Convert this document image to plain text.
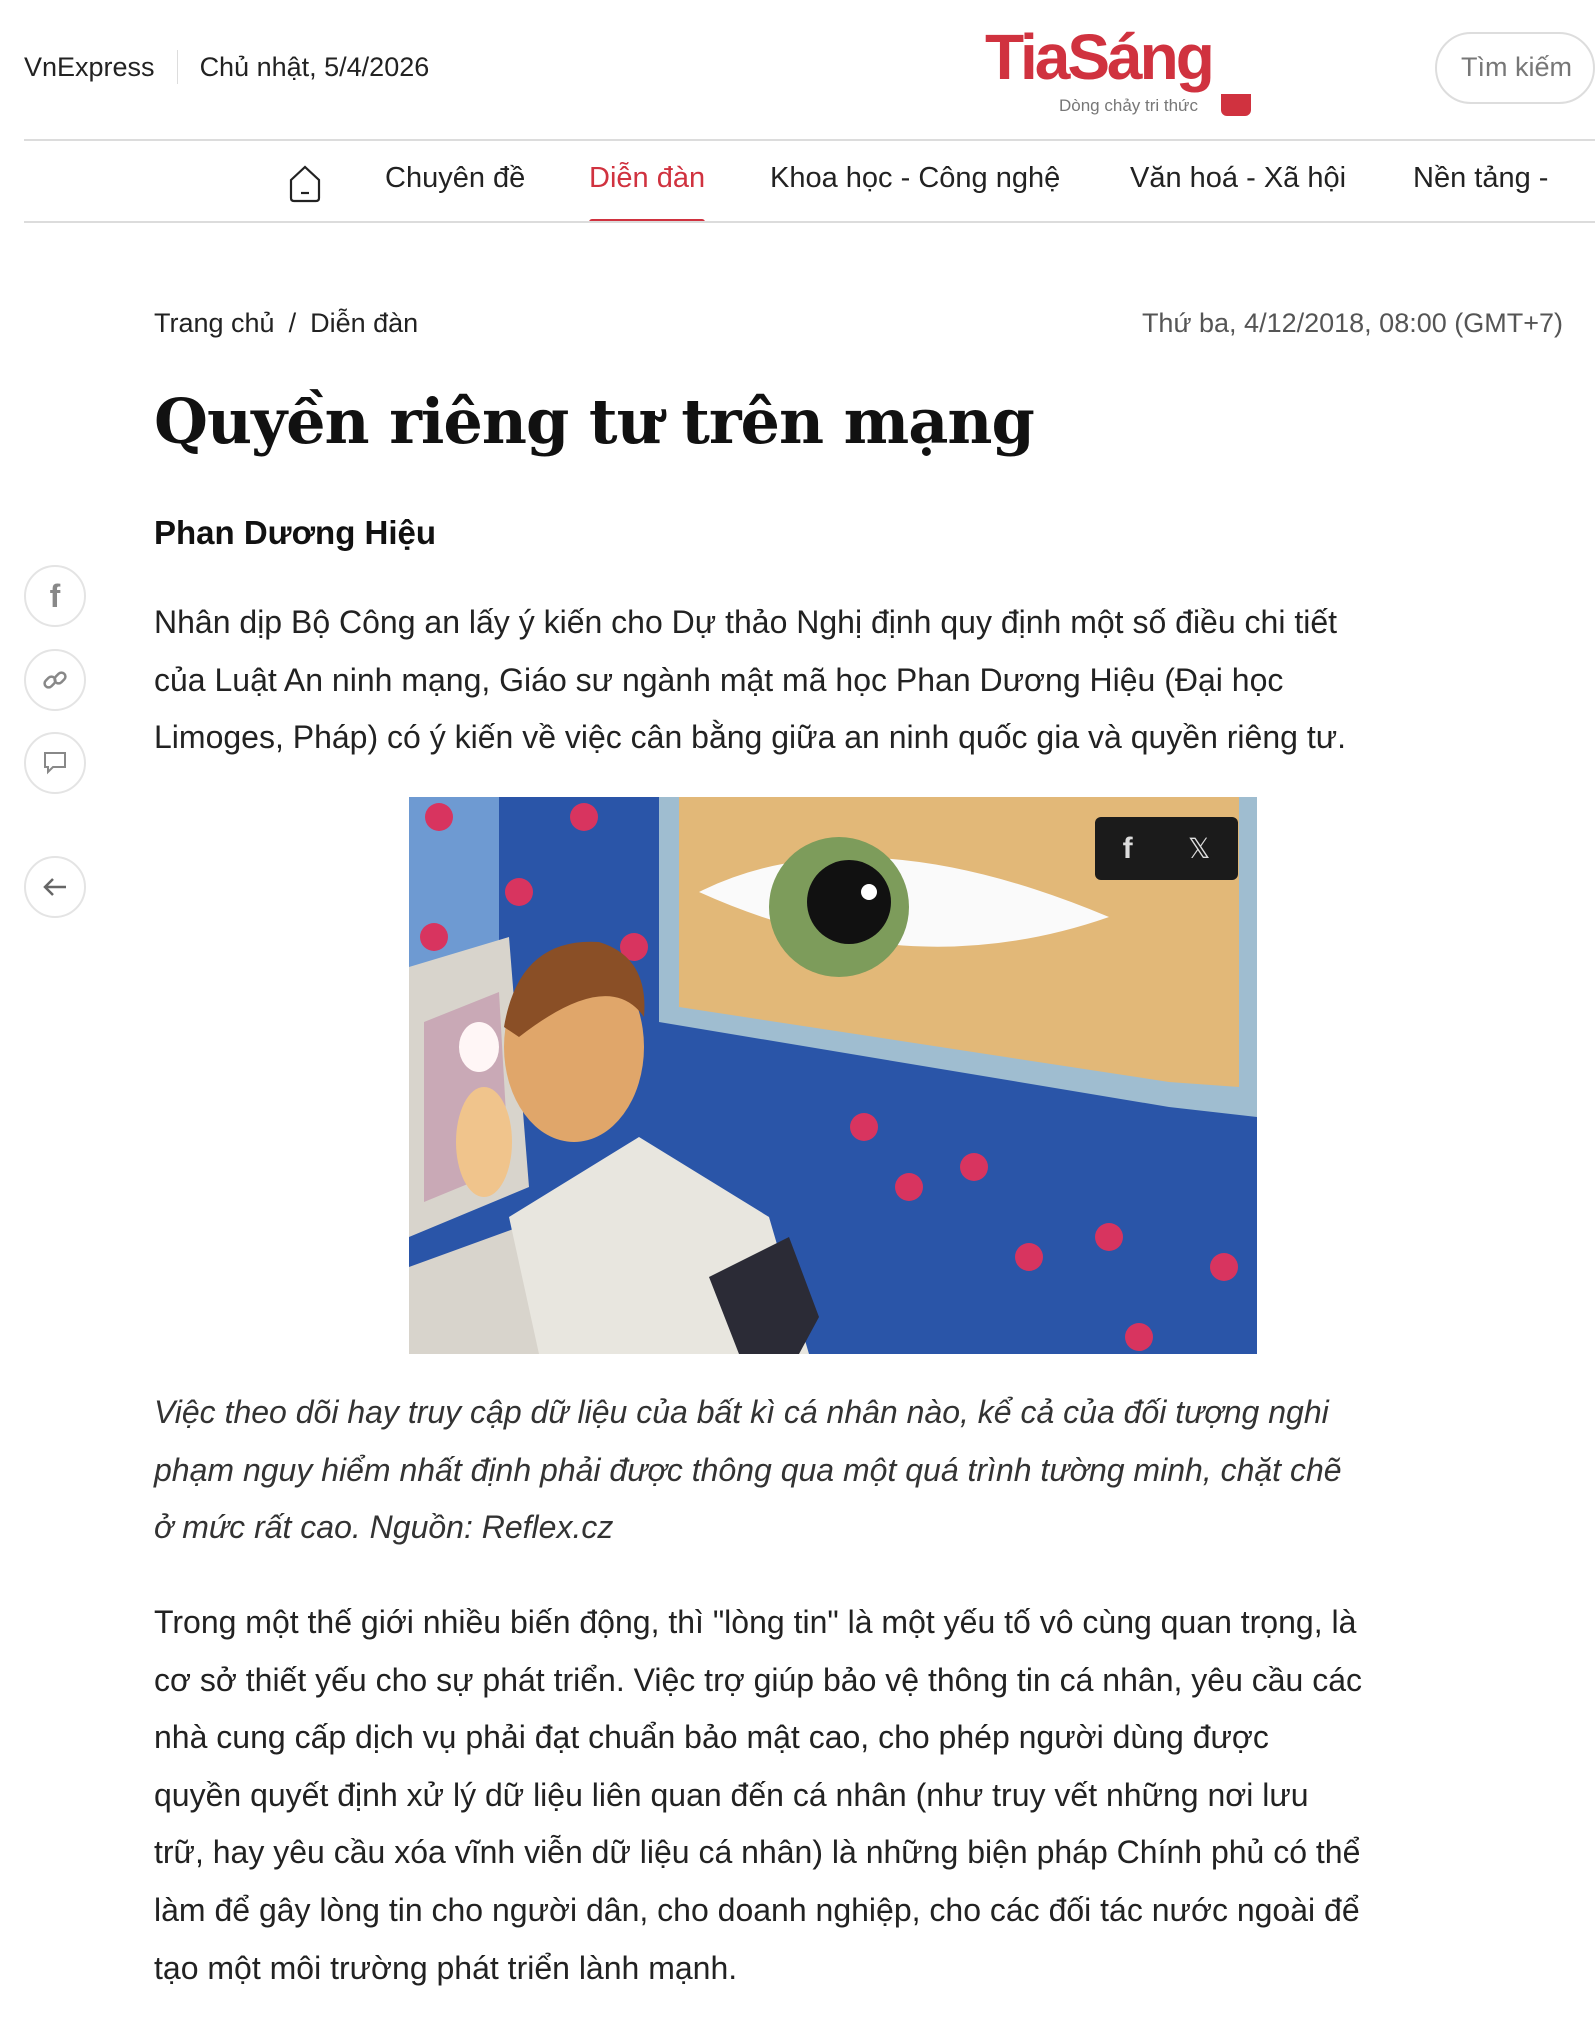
VnExpress Chủ nhật, 5/4/2026	TiaSáng
Dòng chảy tri thức
Tìm kiếm
Chuyên đề Diễn đàn Khoa học - Công nghệ Văn hoá - Xã hội Nền tảng -
Trang chủ / Diễn đàn	Thứ ba, 4/12/2018, 08:00 (GMT+7)
Quyền riêng tư trên mạng
Phan Dương Hiệu
f
Nhân dịp Bộ Công an lấy ý kiến cho Dự thảo Nghị định quy định một số điều chi tiết
của Luật An ninh mạng, Giáo sư ngành mật mã học Phan Dương Hiệu (Đại học
Limoges, Pháp) có ý kiến về việc cân bằng giữa an ninh quốc gia và quyền riêng tư.
f 𝕏
Việc theo dõi hay truy cập dữ liệu của bất kì cá nhân nào, kể cả của đối tượng nghi
phạm nguy hiểm nhất định phải được thông qua một quá trình tường minh, chặt chẽ
ở mức rất cao. Nguồn: Reflex.cz
Trong một thế giới nhiều biến động, thì "lòng tin" là một yếu tố vô cùng quan trọng, là
cơ sở thiết yếu cho sự phát triển. Việc trợ giúp bảo vệ thông tin cá nhân, yêu cầu các
nhà cung cấp dịch vụ phải đạt chuẩn bảo mật cao, cho phép người dùng được
quyền quyết định xử lý dữ liệu liên quan đến cá nhân (như truy vết những nơi lưu
trữ, hay yêu cầu xóa vĩnh viễn dữ liệu cá nhân) là những biện pháp Chính phủ có thể
làm để gây lòng tin cho người dân, cho doanh nghiệp, cho các đối tác nước ngoài để
tạo một môi trường phát triển lành mạnh.
